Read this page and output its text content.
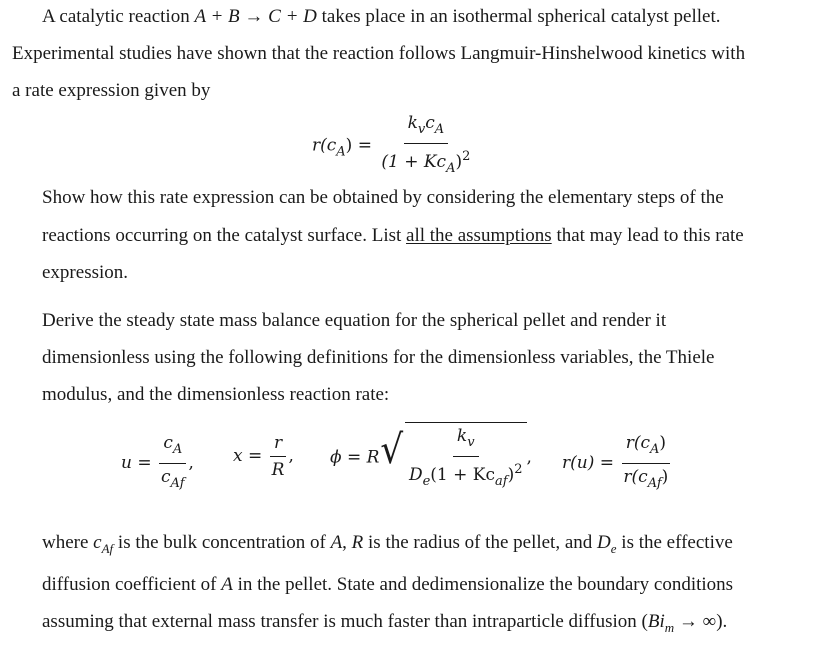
A catalytic reaction A + B → C + D takes place in an isothermal spherical catalyst pellet.
Experimental studies have shown that the reaction follows Langmuir-Hinshelwood kinetics with
a rate expression given by
$r(c_A) = \frac{k_vc_A}{(1 + Kc_A)^2}$
Show how this rate expression can be obtained by considering the elementary steps of the
reactions occurring on the catalyst surface. List all the assumptions that may lead to this rate
expression.
Derive the steady state mass balance equation for the spherical pellet and render it
dimensionless using the following definitions for the dimensionless variables, the Thiele
modulus, and the dimensionless reaction rate:
$u = \frac{c_A}{c_{Af}}$ , $x = \frac{r}{R}$ , ϕ = R √ $\frac{k_v}{D_e(1 + Kc_{af})^2}$ , $r(u) = \frac{r(c_A)}{r(c_{Af})}$
where $c_{Af}$ is the bulk concentration of A, R is the radius of the pellet, and $D_e$ is the effective
diffusion coefficient of A in the pellet. State and dedimensionalize the boundary conditions
assuming that external mass transfer is much faster than intraparticle diffusion ($Bi_m$ → ∞).
